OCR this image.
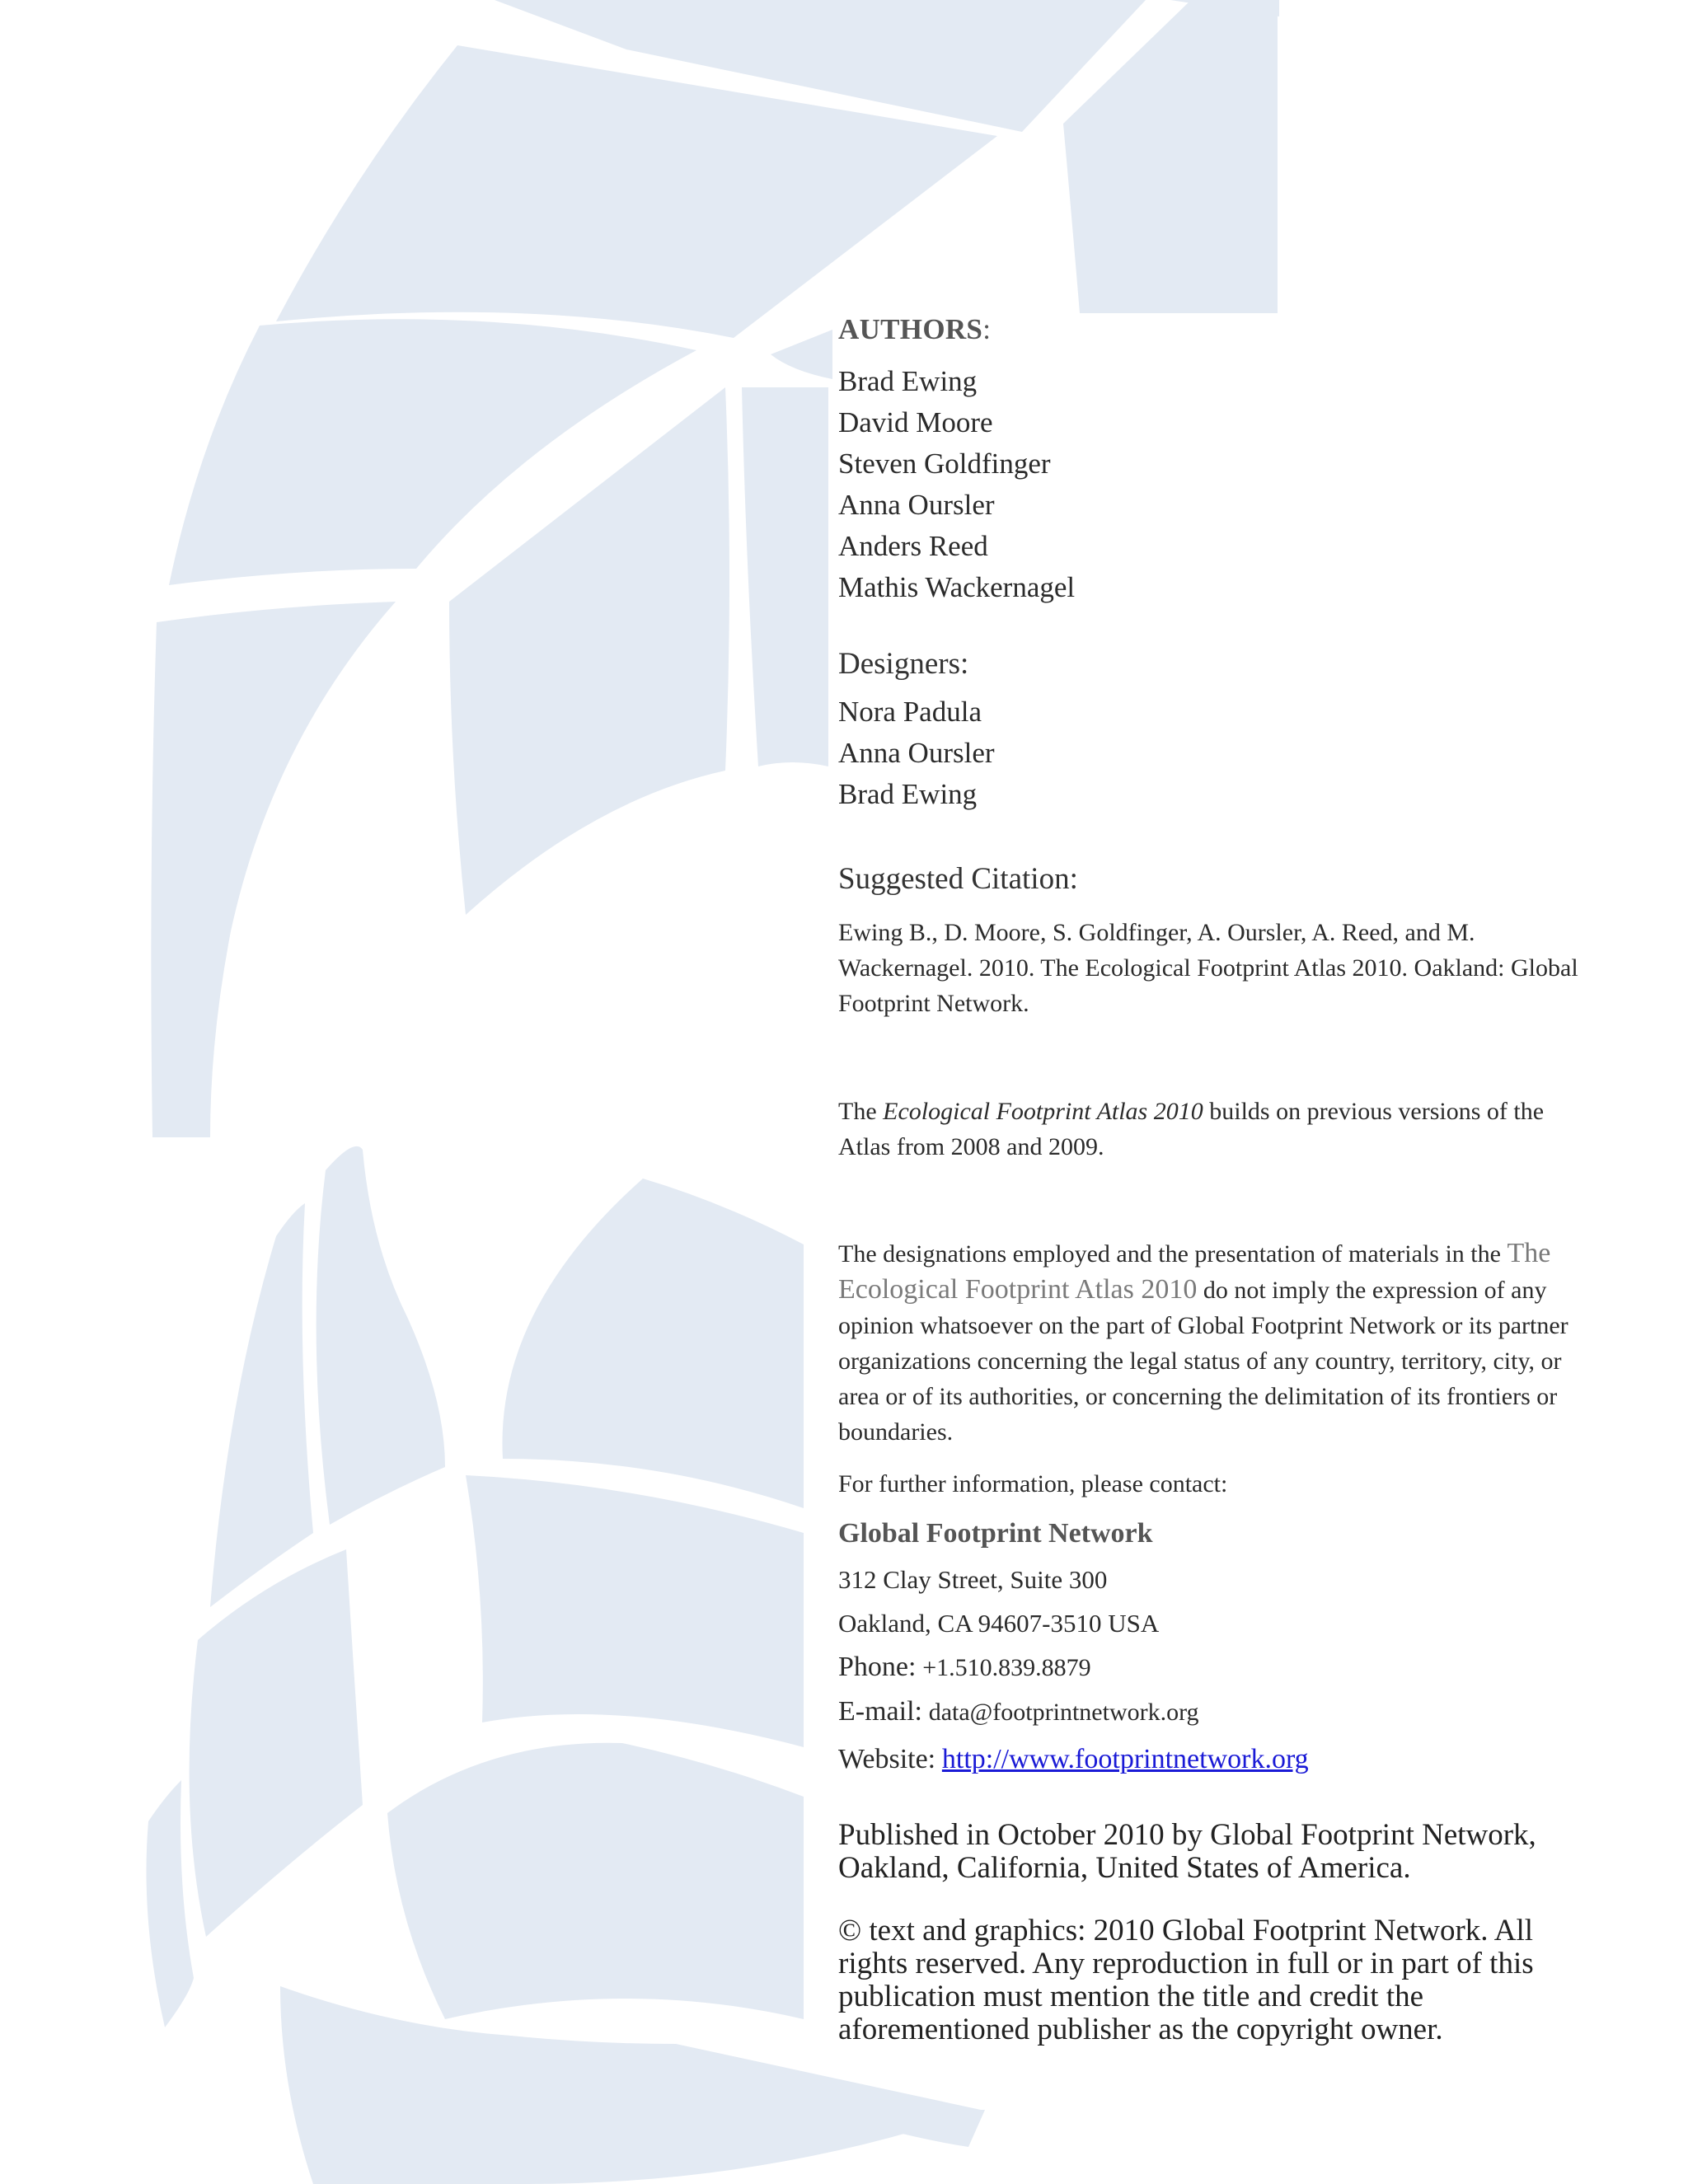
AUTHORS:
Brad Ewing
David Moore
Steven Goldfinger
Anna Oursler
Anders Reed
Mathis Wackernagel
Designers:
Nora Padula
Anna Oursler
Brad Ewing
Suggested Citation:

Ewing B., D. Moore, S. Goldfinger, A. Oursler, A. Reed, and M. Wackernagel. 2010. The Ecological Footprint Atlas 2010. Oakland: Global Footprint Network.

The Ecological Footprint Atlas 2010 builds on previous versions of the Atlas from 2008 and 2009.

The designations employed and the presentation of materials in the The Ecological Footprint Atlas 2010 do not imply the expression of any opinion whatsoever on the part of Global Footprint Network or its partner organizations concerning the legal status of any country, territory, city, or area or of its authorities, or concerning the delimitation of its frontiers or boundaries.

For further information, please contact:

Global Footprint Network
312 Clay Street, Suite 300
Oakland, CA 94607-3510 USA
Phone: +1.510.839.8879
E-mail: data@footprintnetwork.org
Website: http://www.footprintnetwork.org

Published in October 2010 by Global Footprint Network, Oakland, California, United States of America.

© text and graphics: 2010 Global Footprint Network. All rights reserved. Any reproduction in full or in part of this publication must mention the title and credit the aforementioned publisher as the copyright owner.
